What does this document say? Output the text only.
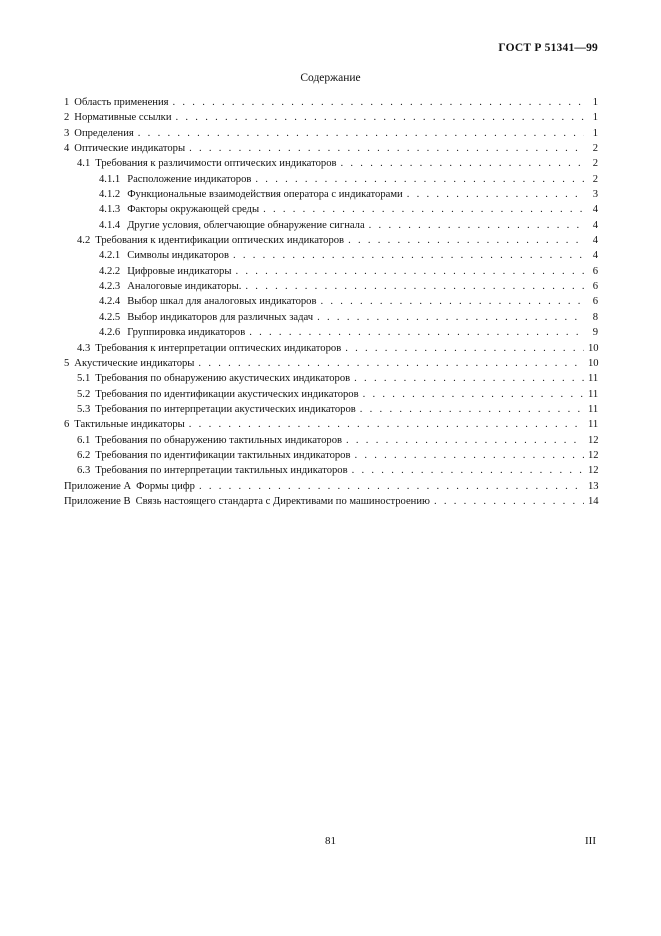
ГОСТ Р 51341—99
Содержание
1 Область применения . . .	1
2 Нормативные ссылки . . .	1
3 Определения . . .	1
4 Оптические индикаторы . . .	2
4.1 Требования к различимости оптических индикаторов . . .	2
4.1.1 Расположение индикаторов . . .	2
4.1.2 Функциональные взаимодействия оператора с индикаторами . . .	3
4.1.3 Факторы окружающей среды . . .	4
4.1.4 Другие условия, облегчающие обнаружение сигнала . . .	4
4.2 Требования к идентификации оптических индикаторов . . .	4
4.2.1 Символы индикаторов . . .	4
4.2.2 Цифровые индикаторы . . .	6
4.2.3 Аналоговые индикаторы. . . .	6
4.2.4 Выбор шкал для аналоговых индикаторов . . .	6
4.2.5 Выбор индикаторов для различных задач . . .	8
4.2.6 Группировка индикаторов . . .	9
4.3 Требования к интерпретации оптических индикаторов . . .	10
5 Акустические индикаторы . . .	10
5.1 Требования по обнаружению акустических индикаторов . . .	11
5.2 Требования по идентификации акустических индикаторов . . .	11
5.3 Требования по интерпретации акустических индикаторов . . .	11
6 Тактильные индикаторы . . .	11
6.1 Требования по обнаружению тактильных индикаторов . . .	12
6.2 Требования по идентификации тактильных индикаторов . . .	12
6.3 Требования по интерпретации тактильных индикаторов . . .	12
Приложение А Формы цифр . . .	13
Приложение В Связь настоящего стандарта с Директивами по машиностроению . . .	14
81	III
